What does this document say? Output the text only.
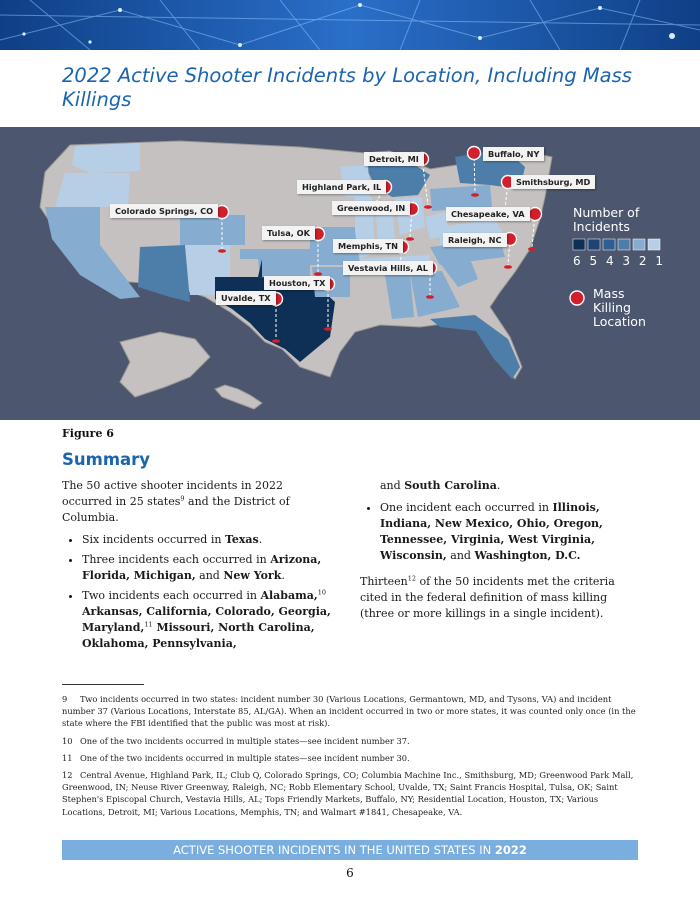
2022 Active Shooter Incidents by Location, Including Mass Killings
Detroit, MI	Buffalo, NY
Highland Park, IL	Smithsburg, MD
Colorado Springs, CO	Greenwood, IN
Chesapeake, VA
Tulsa, OK
Raleigh, NC
Memphis, TN
Vestavia Hills, AL
Houston, TX
Uvalde, TX
Number of Incidents
6 5 4 3 2 1
Mass Killing Location
Figure 6
Summary

The 50 active shooter incidents in 2022 occurred in 25 states$^9$ and the District of Columbia.

• Six incidents occurred in Texas.
• Three incidents each occurred in Arizona, Florida, Michigan, and New York.
• Two incidents each occurred in Alabama,$^{10}$ Arkansas, California, Colorado, Georgia, Maryland,$^{11}$ Missouri, North Carolina, Oklahoma, Pennsylvania,

and South Carolina.

• One incident each occurred in Illinois, Indiana, New Mexico, Ohio, Oregon, Tennessee, Virginia, West Virginia, Wisconsin, and Washington, D.C.

Thirteen$^{12}$ of the 50 incidents met the criteria cited in the federal definition of mass killing (three or more killings in a single incident).

9 Two incidents occurred in two states: incident number 30 (Various Locations, Germantown, MD, and Tysons, VA) and incident number 37 (Various Locations, Interstate 85, AL/GA). When an incident occurred in two or more states, it was counted only once (in the state where the FBI identified that the public was most at risk).

10 One of the two incidents occurred in multiple states—see incident number 37.

11 One of the two incidents occurred in multiple states—see incident number 30.

12 Central Avenue, Highland Park, IL; Club Q, Colorado Springs, CO; Columbia Machine Inc., Smithsburg, MD; Greenwood Park Mall, Greenwood, IN; Neuse River Greenway, Raleigh, NC; Robb Elementary School, Uvalde, TX; Saint Francis Hospital, Tulsa, OK; Saint Stephen's Episcopal Church, Vestavia Hills, AL; Tops Friendly Markets, Buffalo, NY; Residential Location, Houston, TX; Various Locations, Detroit, MI; Various Locations, Memphis, TN; and Walmart #1841, Chesapeake, VA.

ACTIVE SHOOTER INCIDENTS IN THE UNITED STATES IN 2022
6
